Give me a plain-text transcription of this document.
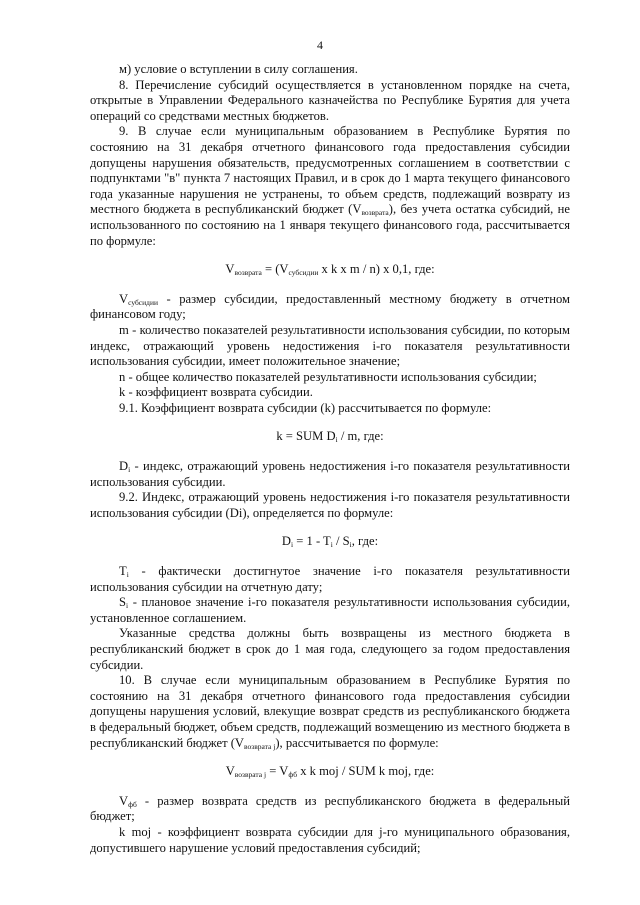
4

м) условие о вступлении в силу соглашения.

8. Перечисление субсидий осуществляется в установленном порядке на счета, открытые в Управлении Федерального казначейства по Республике Бурятия для учета операций со средствами местных бюджетов.

9. В случае если муниципальным образованием в Республике Бурятия по состоянию на 31 декабря отчетного финансового года предоставления субсидии допущены нарушения обязательств, предусмотренных соглашением в соответствии с подпунктами "в" пункта 7 настоящих Правил, и в срок до 1 марта текущего финансового года указанные нарушения не устранены, то объем средств, подлежащий возврату из местного бюджета в республиканский бюджет $(V_{возврата})$, без учета остатка субсидий, не использованного по состоянию на 1 января текущего финансового года, рассчитывается по формуле:

$V_{возврата} = (V_{субсидии}$ х k х m / n) х 0,1, где:

$V_{субсидии}$ - размер субсидии, предоставленный местному бюджету в отчетном финансовом году;

m - количество показателей результативности использования субсидии, по которым индекс, отражающий уровень недостижения i-го показателя результативности использования субсидии, имеет положительное значение;

n - общее количество показателей результативности использования субсидии;

k - коэффициент возврата субсидии.

9.1. Коэффициент возврата субсидии (k) рассчитывается по формуле:

k = SUM $D_i$ / m, где:

$D_i$ - индекс, отражающий уровень недостижения i-го показателя результативности использования субсидии.

9.2. Индекс, отражающий уровень недостижения i-го показателя результативности использования субсидии (Di), определяется по формуле:

$D_i = 1 - T_i / S_i$, где:

$T_i$ - фактически достигнутое значение i-го показателя результативности использования субсидии на отчетную дату;

$S_i$ - плановое значение i-го показателя результативности использования субсидии, установленное соглашением.

Указанные средства должны быть возвращены из местного бюджета в республиканский бюджет в срок до 1 мая года, следующего за годом предоставления субсидии.

10. В случае если муниципальным образованием в Республике Бурятия по состоянию на 31 декабря отчетного финансового года предоставления субсидии допущены нарушения условий, влекущие возврат средств из республиканского бюджета в федеральный бюджет, объем средств, подлежащий возмещению из местного бюджета в республиканский бюджет $(V_{возврата j})$, рассчитывается по формуле:

$V_{возврата j} = V_{фб}$ х k moj / SUM k moj, где:

$V_{фб}$ - размер возврата средств из республиканского бюджета в федеральный бюджет;

k moj - коэффициент возврата субсидии для j-го муниципального образования, допустившего нарушение условий предоставления субсидий;
